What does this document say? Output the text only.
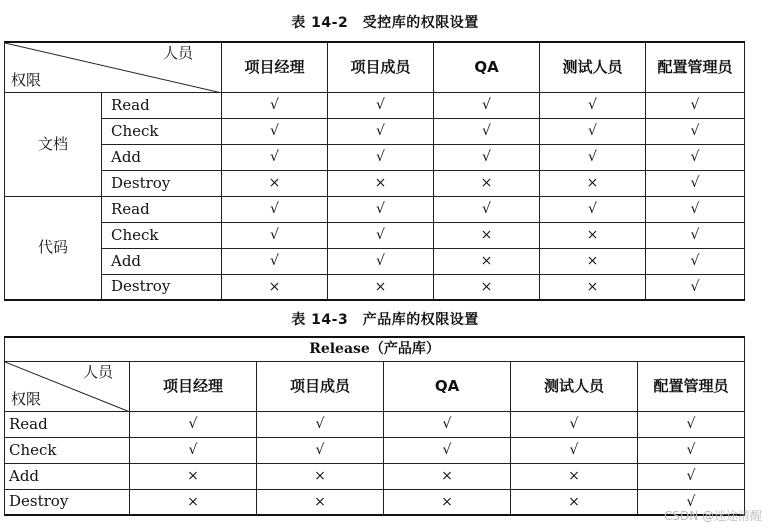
表 14-2　受控库的权限设置
人员
权限		项目经理	项目成员	QA	测试人员	配置管理员
文档	Read	√	√	√	√	√
	Check	√	√	√	√	√
	Add	√	√	√	√	√
	Destroy	×	×	×	×	√
代码	Read	√	√	√	√	√
	Check	√	√	×	×	√
	Add	√	√	×	×	√
	Destroy	×	×	×	×	√
表 14-3　产品库的权限设置
Release（产品库）					

人员
权限	项目经理	项目成员	QA	测试人员	配置管理员
Read	√	√	√	√	√
Check	√	√	√	√	√
Add	×	×	×	×	√
Destroy	×	×	×	×	√
CSDN @迷途清醒
